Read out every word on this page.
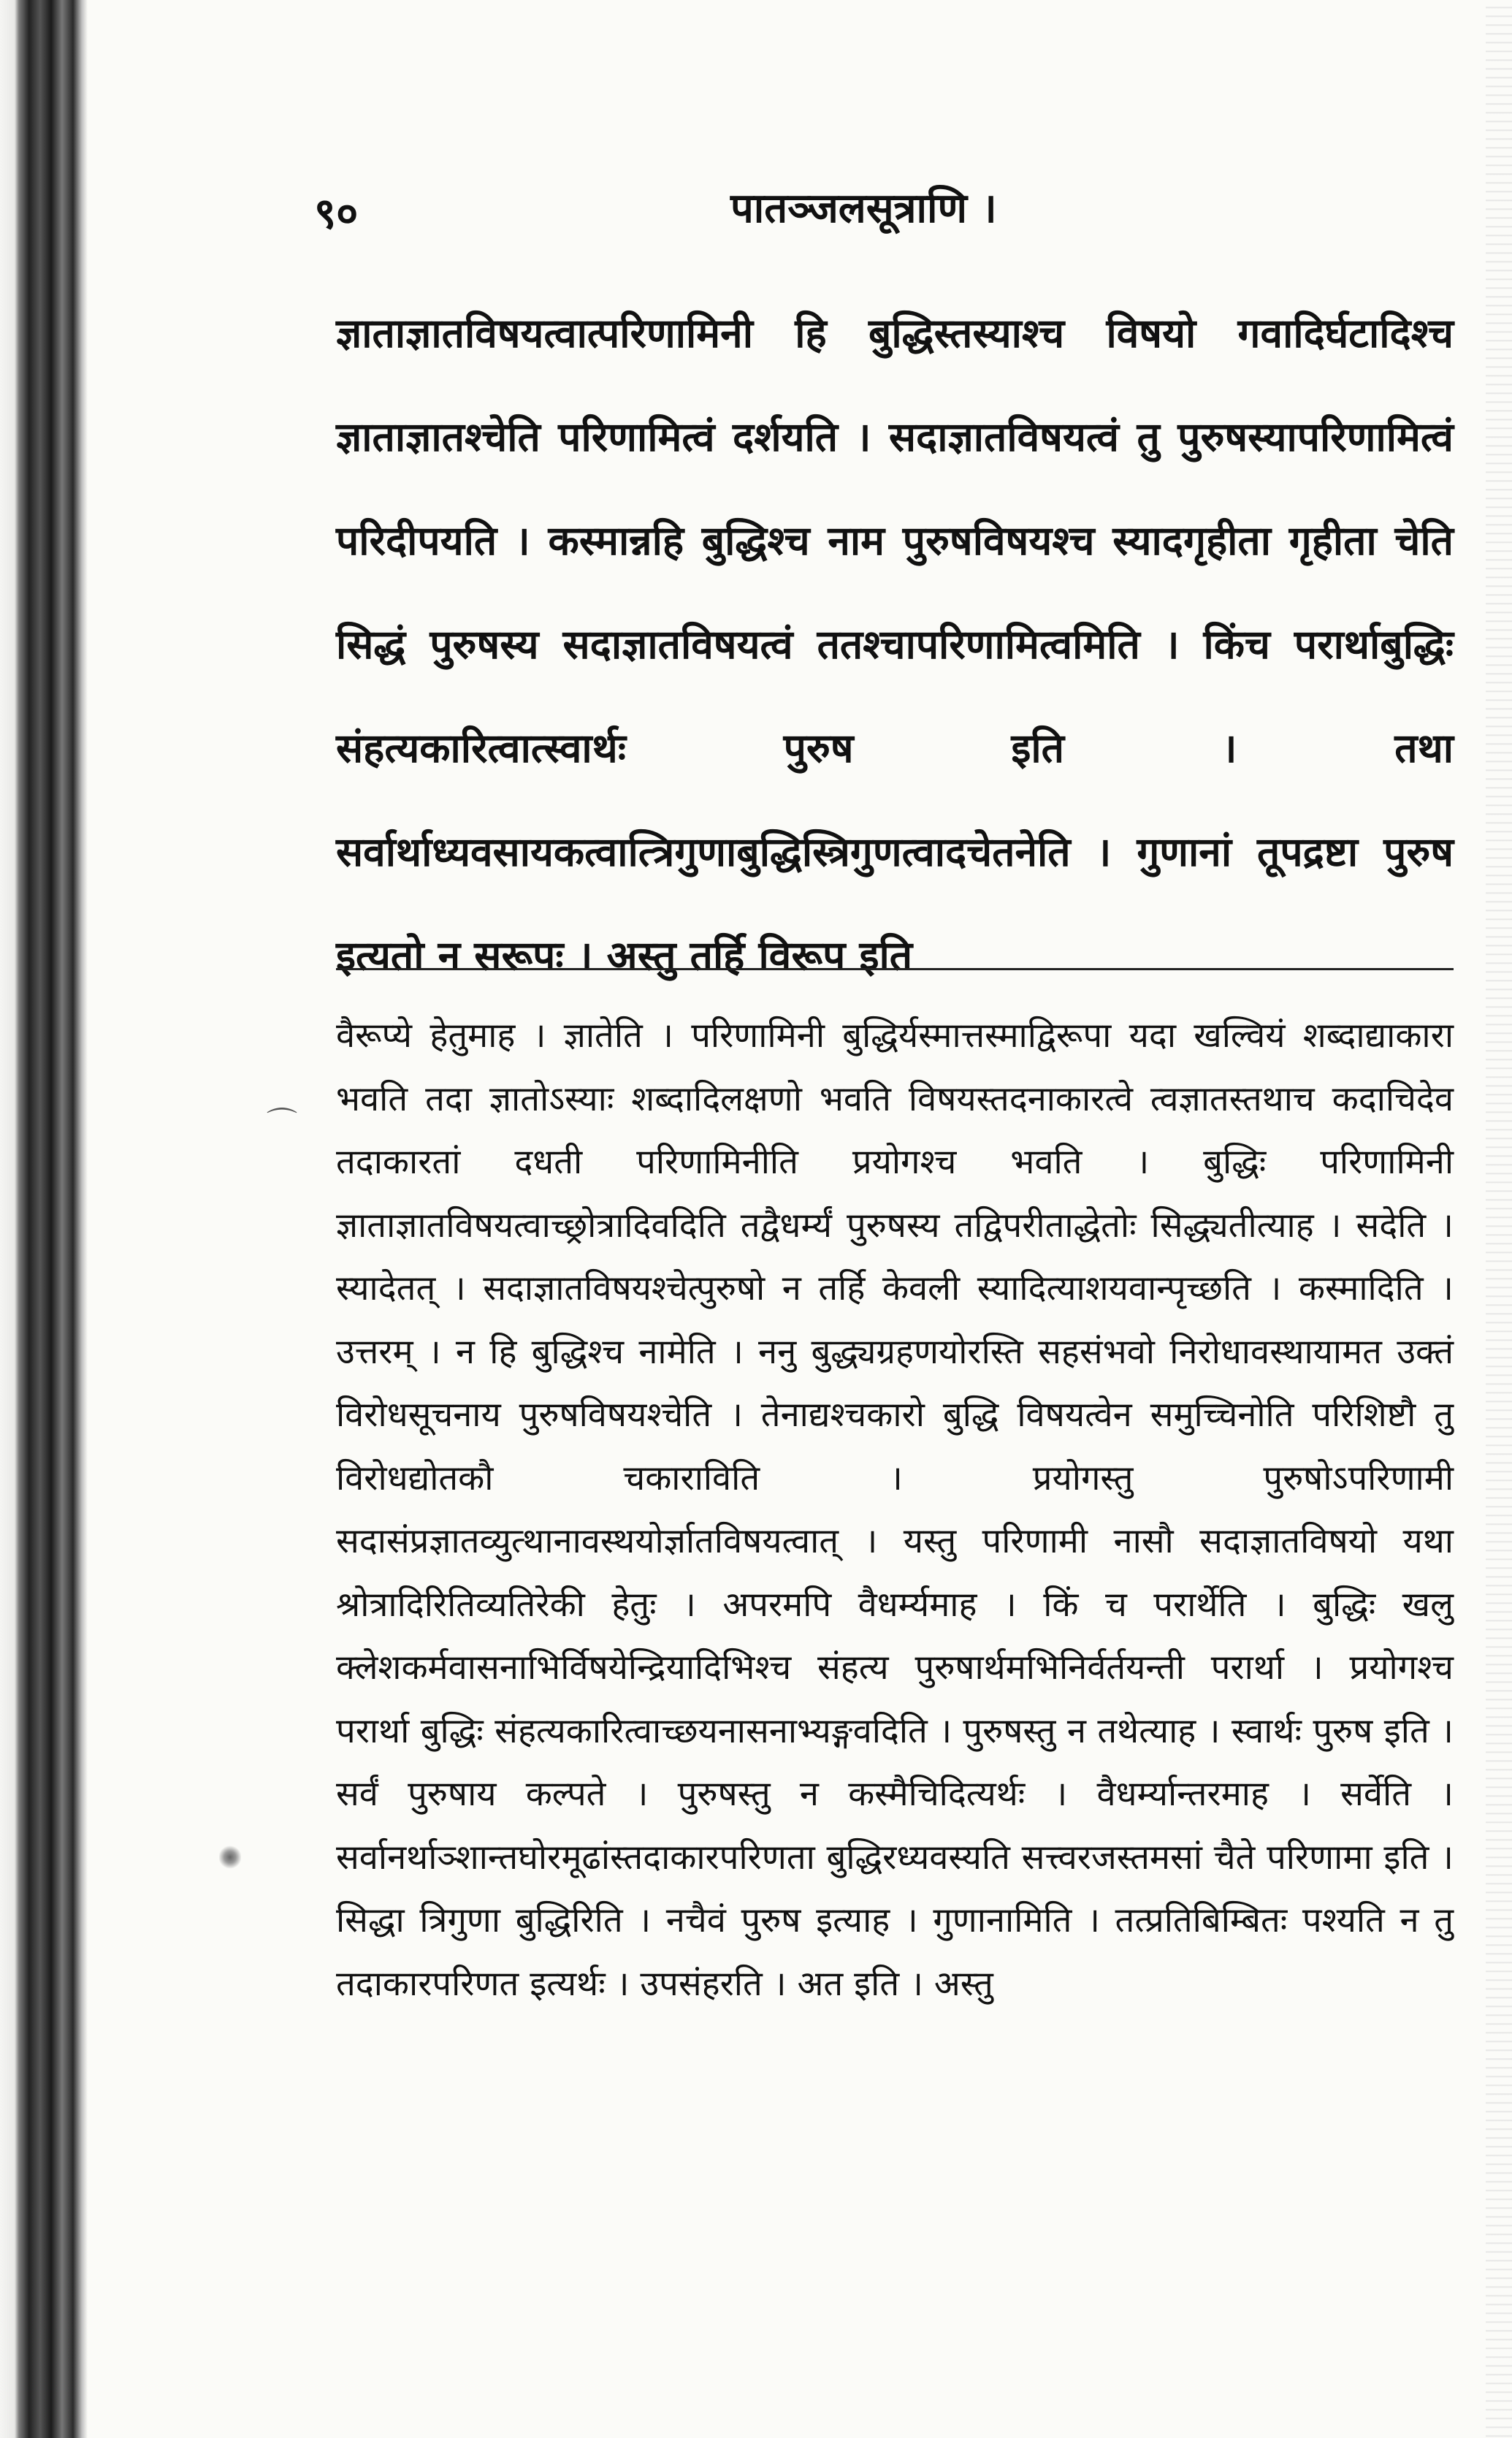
९०	पातञ्जलसूत्राणि ।

ज्ञाताज्ञातविषयत्वात्परिणामिनी हि बुद्धिस्तस्याश्च विषयो गवादिर्घटादिश्च ज्ञाताज्ञातश्चेति परिणामित्वं दर्शयति । सदाज्ञातविषयत्वं तु पुरुषस्यापरिणामित्वं परिदीपयति । कस्मान्नहि बुद्धिश्च नाम पुरुषविषयश्च स्यादगृहीता गृहीता चेति सिद्धं पुरुषस्य सदाज्ञातविषयत्वं ततश्चापरिणामित्वमिति । किंच परार्थाबुद्धिः संहत्यकारित्वात्स्वार्थः पुरुष इति । तथा सर्वार्थाध्यवसायकत्वात्त्रिगुणाबुद्धिस्त्रिगुणत्वादचेतनेति । गुणानां तूपद्रष्टा पुरुष इत्यतो न सरूपः । अस्तु तर्हि विरूप इति

⌒

वैरूप्ये हेतुमाह । ज्ञातेति । परिणामिनी बुद्धिर्यस्मात्तस्माद्विरूपा यदा खल्वियं शब्दाद्याकारा भवति तदा ज्ञातोऽस्याः शब्दादिलक्षणो भवति विषयस्तदनाकारत्वे त्वज्ञातस्तथाच कदाचिदेव तदाकारतां दधती परिणामिनीति प्रयोगश्च भवति । बुद्धिः परिणामिनी ज्ञाताज्ञातविषयत्वाच्छ्रोत्रादिवदिति तद्वैधर्म्यं पुरुषस्य तद्विपरीताद्धेतोः सिद्ध्यतीत्याह । सदेति । स्यादेतत् । सदाज्ञातविषयश्चेत्पुरुषो न तर्हि केवली स्यादित्याशयवान्पृच्छति । कस्मादिति । उत्तरम् । न हि बुद्धिश्च नामेति । ननु बुद्ध्यग्रहणयोरस्ति सहसंभवो निरोधावस्थायामत उक्तं विरोधसूचनाय पुरुषविषयश्चेति । तेनाद्यश्चकारो बुद्धि विषयत्वेन समुच्चिनोति परिशिष्टौ तु विरोधद्योतकौ चकाराविति । प्रयोगस्तु पुरुषोऽपरिणामी सदासंप्रज्ञातव्युत्थानावस्थयोर्ज्ञातविषयत्वात् । यस्तु परिणामी नासौ सदाज्ञातविषयो यथा श्रोत्रादिरितिव्यतिरेकी हेतुः । अपरमपि वैधर्म्यमाह । किं च परार्थेति । बुद्धिः खलु क्लेशकर्मवासनाभिर्विषयेन्द्रियादिभिश्च संहत्य पुरुषार्थमभिनिर्वर्तयन्ती परार्था । प्रयोगश्च परार्था बुद्धिः संहत्यकारित्वाच्छयनासनाभ्यङ्गवदिति । पुरुषस्तु न तथेत्याह । स्वार्थः पुरुष इति । सर्वं पुरुषाय कल्पते । पुरुषस्तु न कस्मैचिदित्यर्थः । वैधर्म्यान्तरमाह । सर्वेति । सर्वानर्थाञ्शान्तघोरमूढांस्तदाकारपरिणता बुद्धिरध्यवस्यति सत्त्वरजस्तमसां चैते परिणामा इति । सिद्धा त्रिगुणा बुद्धिरिति । नचैवं पुरुष इत्याह । गुणानामिति । तत्प्रतिबिम्बितः पश्यति न तु तदाकारपरिणत इत्यर्थः । उपसंहरति । अत इति । अस्तु
